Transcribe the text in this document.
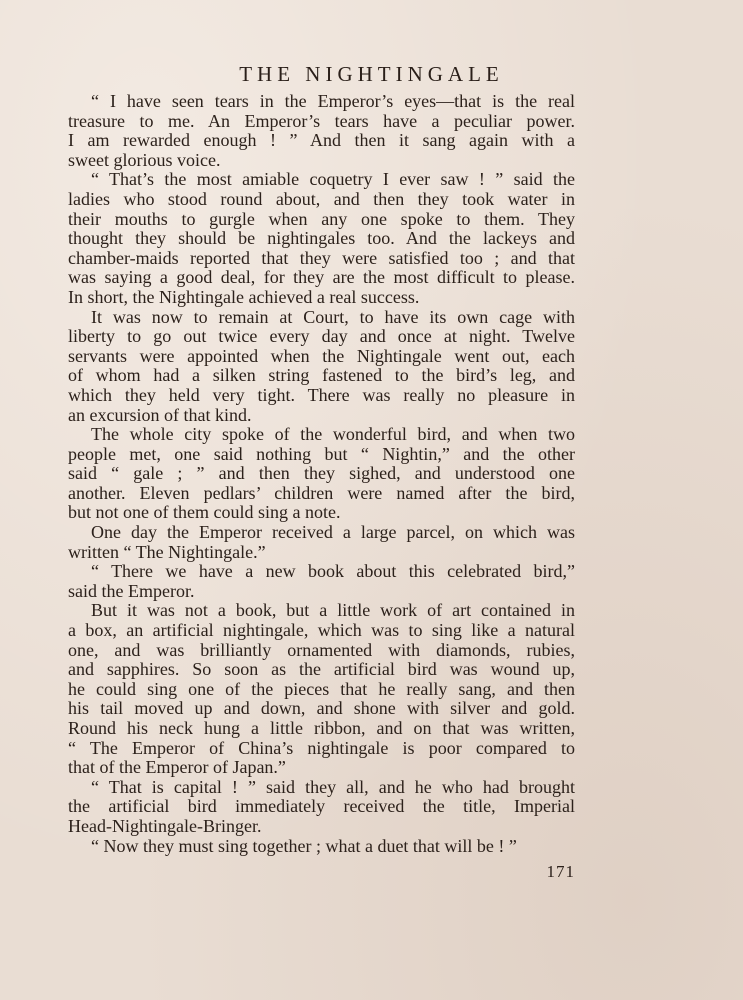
THE NIGHTINGALE
“ I have seen tears in the Emperor’s eyes—that is the real
treasure to me. An Emperor’s tears have a peculiar power.
I am rewarded enough ! ” And then it sang again with a
sweet glorious voice.
“ That’s the most amiable coquetry I ever saw ! ” said the
ladies who stood round about, and then they took water in
their mouths to gurgle when any one spoke to them. They
thought they should be nightingales too. And the lackeys and
chamber-maids reported that they were satisfied too ; and that
was saying a good deal, for they are the most difficult to please.
In short, the Nightingale achieved a real success.
It was now to remain at Court, to have its own cage with
liberty to go out twice every day and once at night. Twelve
servants were appointed when the Nightingale went out, each
of whom had a silken string fastened to the bird’s leg, and
which they held very tight. There was really no pleasure in
an excursion of that kind.
The whole city spoke of the wonderful bird, and when two
people met, one said nothing but “ Nightin,” and the other
said “ gale ; ” and then they sighed, and understood one
another. Eleven pedlars’ children were named after the bird,
but not one of them could sing a note.
One day the Emperor received a large parcel, on which was
written “ The Nightingale.”
“ There we have a new book about this celebrated bird,”
said the Emperor.
But it was not a book, but a little work of art contained in
a box, an artificial nightingale, which was to sing like a natural
one, and was brilliantly ornamented with diamonds, rubies,
and sapphires. So soon as the artificial bird was wound up,
he could sing one of the pieces that he really sang, and then
his tail moved up and down, and shone with silver and gold.
Round his neck hung a little ribbon, and on that was written,
“ The Emperor of China’s nightingale is poor compared to
that of the Emperor of Japan.”
“ That is capital ! ” said they all, and he who had brought
the artificial bird immediately received the title, Imperial
Head-Nightingale-Bringer.
“ Now they must sing together ; what a duet that will be ! ”
171
